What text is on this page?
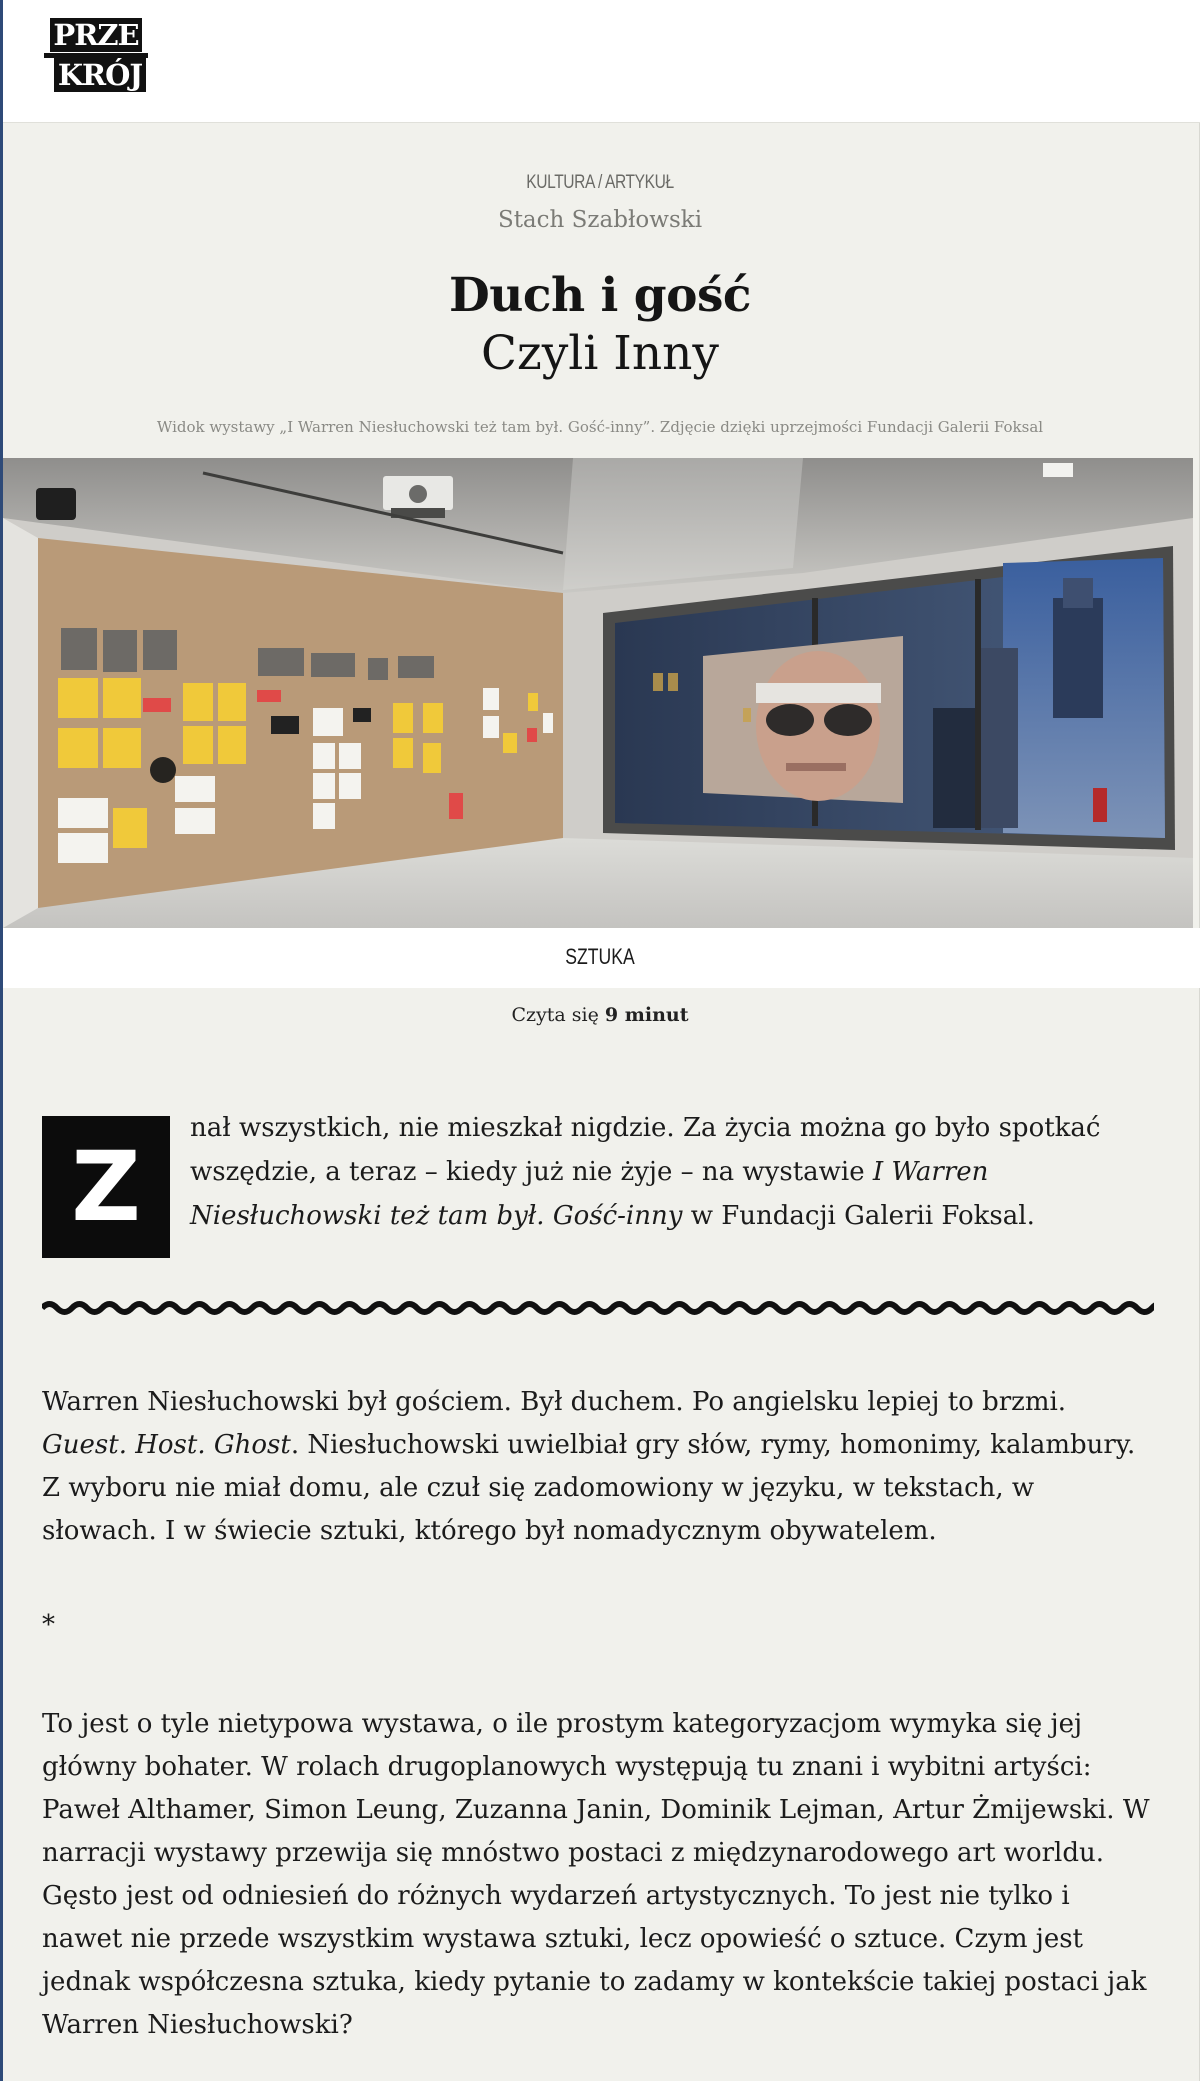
PRZE
KRÓJ
KULTURA / ARTYKUŁ
Stach Szabłowski
Duch i gość
Czyli Inny
Widok wystawy „I Warren Niesłuchowski też tam był. Gość-inny”. Zdjęcie dzięki uprzejmości Fundacji Galerii Foksal
SZTUKA
Czyta się 9 minut
Z

nał wszystkich, nie mieszkał nigdzie. Za życia można go było spotkać wszędzie, a teraz – kiedy już nie żyje – na wystawie I Warren Niesłuchowski też tam był. Gość-inny w Fundacji Galerii Foksal.

Warren Niesłuchowski był gościem. Był duchem. Po angielsku lepiej to brzmi. Guest. Host. Ghost. Niesłuchowski uwielbiał gry słów, rymy, homonimy, kalambury. Z wyboru nie miał domu, ale czuł się zadomowiony w języku, w tekstach, w słowach. I w świecie sztuki, którego był nomadycznym obywatelem.

*

To jest o tyle nietypowa wystawa, o ile prostym kategoryzacjom wymyka się jej główny bohater. W rolach drugoplanowych występują tu znani i wybitni artyści: Paweł Althamer, Simon Leung, Zuzanna Janin, Dominik Lejman, Artur Żmijewski. W narracji wystawy przewija się mnóstwo postaci z międzynarodowego art worldu. Gęsto jest od odniesień do różnych wydarzeń artystycznych. To jest nie tylko i nawet nie przede wszystkim wystawa sztuki, lecz opowieść o sztuce. Czym jest jednak współczesna sztuka, kiedy pytanie to zadamy w kontekście takiej postaci jak Warren Niesłuchowski?
